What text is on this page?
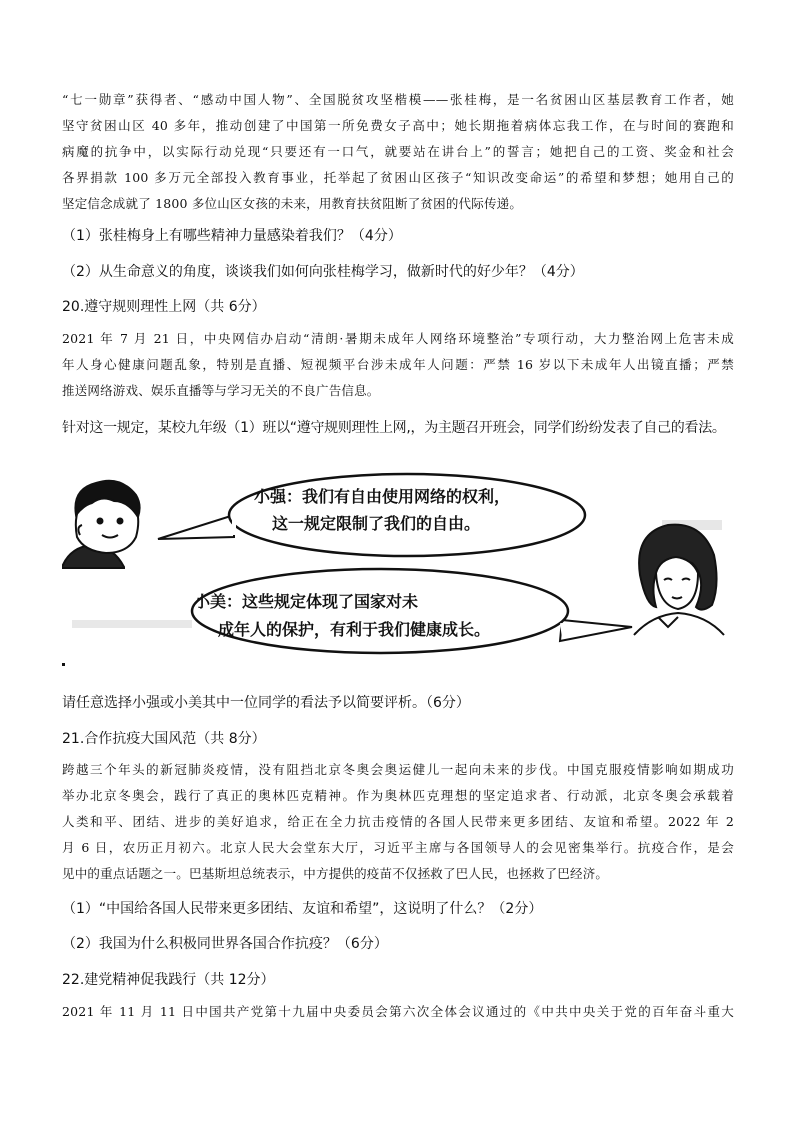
“七一勋章”获得者、“感动中国人物”、全国脱贫攻坚楷模——张桂梅，是一名贫困山区基层教育工作者，她
坚守贫困山区 40 多年，推动创建了中国第一所免费女子高中；她长期拖着病体忘我工作，在与时间的赛跑和
病魔的抗争中，以实际行动兑现“只要还有一口气，就要站在讲台上”的誓言；她把自己的工资、奖金和社会
各界捐款 100 多万元全部投入教育事业，托举起了贫困山区孩子“知识改变命运”的希望和梦想；她用自己的
坚定信念成就了 1800 多位山区女孩的未来，用教育扶贫阻断了贫困的代际传递。
（1）张桂梅身上有哪些精神力量感染着我们？（4分）
（2）从生命意义的角度，谈谈我们如何向张桂梅学习，做新时代的好少年？（4分）
20.遵守规则理性上网（共 6分）
2021 年 7 月 21 日，中央网信办启动“清朗·暑期未成年人网络环境整治”专项行动，大力整治网上危害未成
年人身心健康问题乱象，特别是直播、短视频平台涉未成年人问题：严禁 16 岁以下未成年人出镜直播；严禁
推送网络游戏、娱乐直播等与学习无关的不良广告信息。
针对这一规定，某校九年级（1）班以“遵守规则理性上网,，为主题召开班会，同学们纷纷发表了自己的看法。
小强：我们有自由使用网络的权利，
这一规定限制了我们的自由。
小美：这些规定体现了国家对未
成年人的保护，有利于我们健康成长。
请任意选择小强或小美其中一位同学的看法予以简要评析。（6分）
21.合作抗疫大国风范（共 8分）
跨越三个年头的新冠肺炎疫情，没有阻挡北京冬奥会奥运健儿一起向未来的步伐。中国克服疫情影响如期成功
举办北京冬奥会，践行了真正的奥林匹克精神。作为奥林匹克理想的坚定追求者、行动派，北京冬奥会承载着
人类和平、团结、进步的美好追求，给正在全力抗击疫情的各国人民带来更多团结、友谊和希望。2022 年 2
月 6 日，农历正月初六。北京人民大会堂东大厅，习近平主席与各国领导人的会见密集举行。抗疫合作，是会
见中的重点话题之一。巴基斯坦总统表示，中方提供的疫苗不仅拯救了巴人民，也拯救了巴经济。
（1）“中国给各国人民带来更多团结、友谊和希望”，这说明了什么？（2分）
（2）我国为什么积极同世界各国合作抗疫？（6分）
22.建党精神促我践行（共 12分）
2021 年 11 月 11 日中国共产党第十九届中央委员会第六次全体会议通过的《中共中央关于党的百年奋斗重大
